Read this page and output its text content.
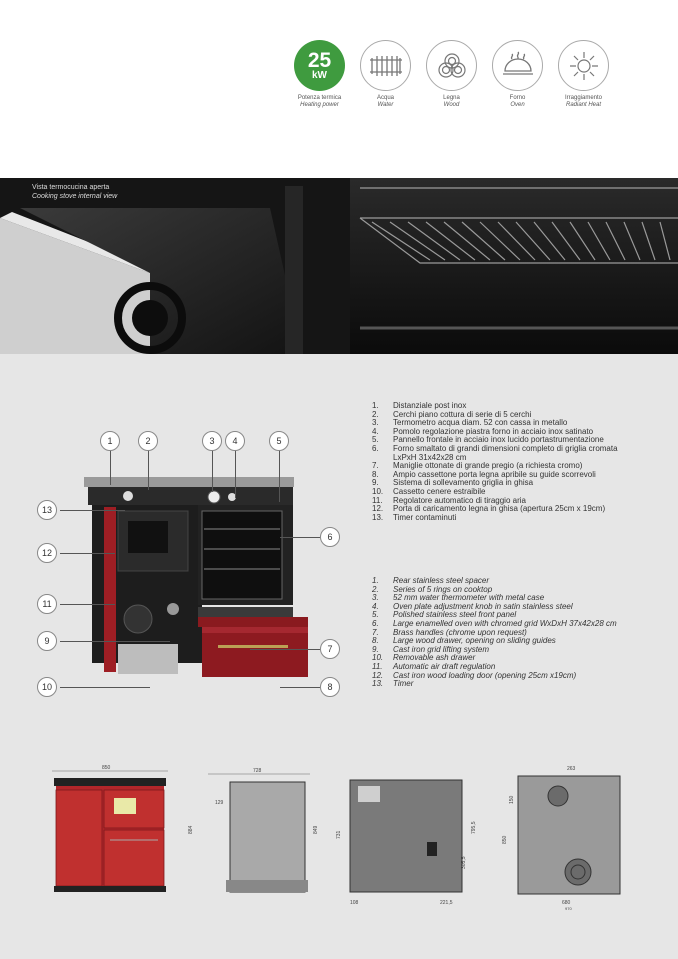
25
kW
Potenza termica
Heating power
Acqua
Water
Legna
Wood
Forno
Oven
Irraggiamento
Radiant Heat
Vista termocucina aperta
Cooking stove internal view
1	2	3	4	5
6
7
8
9
10
11
12
13
1.	Distanziale post inox
2.	Cerchi piano cottura di serie di 5 cerchi
3.	Termometro acqua diam. 52 con cassa in metallo
4.	Pomolo regolazione piastra forno in acciaio inox satinato
5.	Pannello frontale in acciaio inox lucido portastrumentazione
6.	Forno smaltato di grandi dimensioni completo di griglia cromata
LxPxH 31x42x28 cm
7.	Maniglie ottonate di grande pregio (a richiesta cromo)
8.	Ampio cassettone porta legna apribile su guide scorrevoli
9.	Sistema di sollevamento griglia in ghisa
10.	Cassetto cenere estraibile
11.	Regolatore automatico di tiraggio aria
12.	Porta di caricamento legna in ghisa (apertura 25cm x 19cm)
13.	Timer contaminuti
1.	Rear stainless steel spacer
2.	Series of 5 rings on cooktop
3.	52 mm water thermometer with metal case
4.	Oven plate adjustment knob in satin stainless steel
5.	Polished stainless steel front panel
6.	Large enamelled oven with chromed grid WxDxH 37x42x28 cm
7.	Brass handles (chrome upon request)
8.	Large wood drawer, opening on sliding guides
9.	Cast iron grid lifting system
10.	Removable ash drawer
11.	Automatic air draft regulation
12.	Cast iron wood loading door (opening 25cm x19cm)
13.	Timer
850	728
129
884	849
731
795,5
305,5
108	221,5
263
150
850
680
970
